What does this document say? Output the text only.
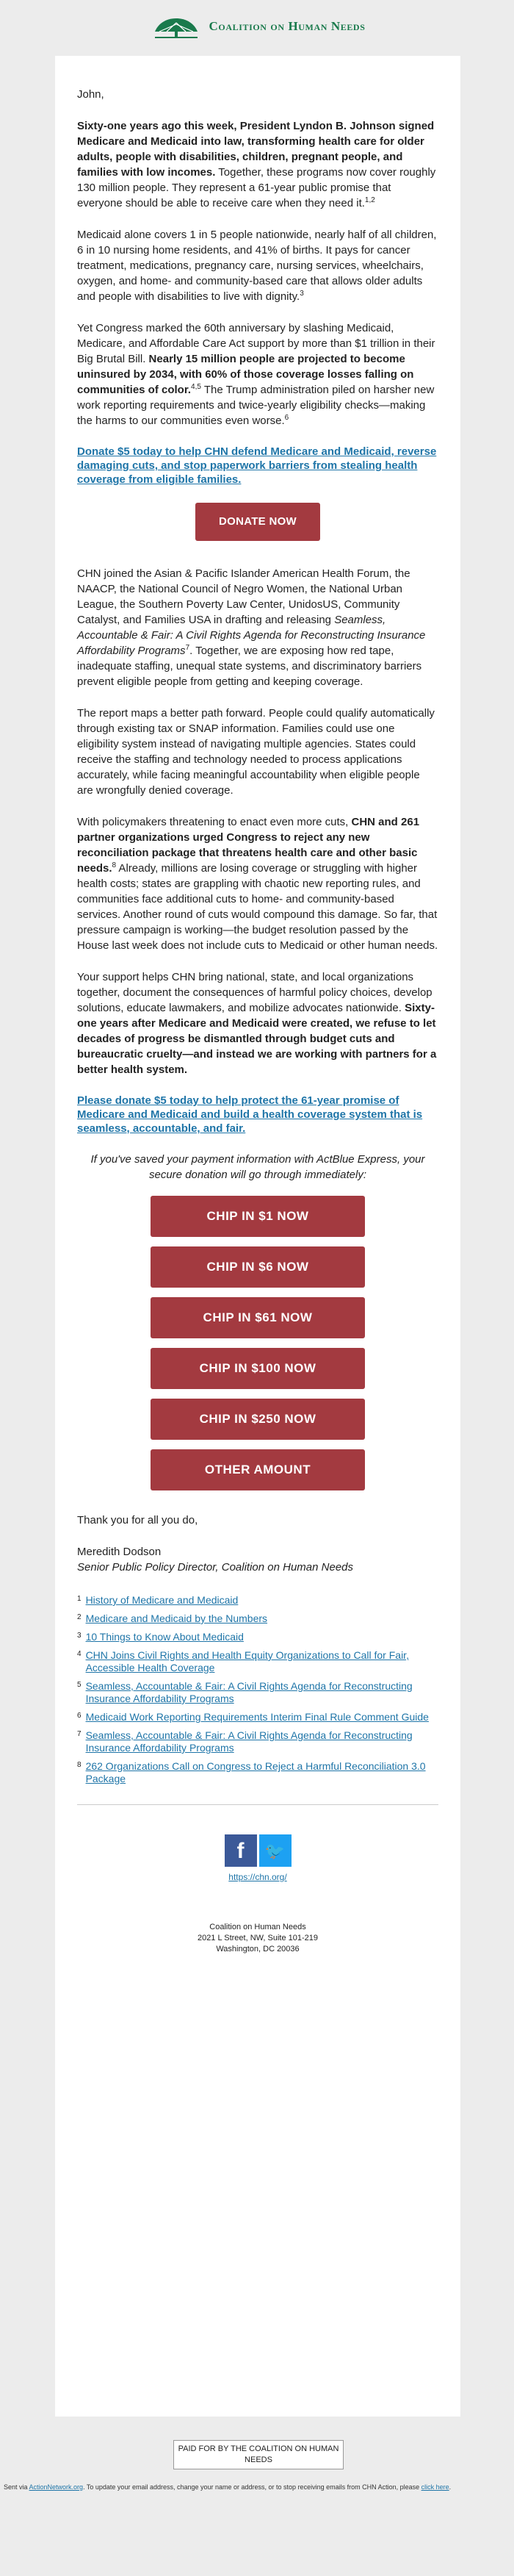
Coalition on Human Needs

John,

Sixty-one years ago this week, President Lyndon B. Johnson signed Medicare and Medicaid into law, transforming health care for older adults, people with disabilities, children, pregnant people, and families with low incomes. Together, these programs now cover roughly 130 million people. They represent a 61-year public promise that everyone should be able to receive care when they need it.$^{1,2}$

Medicaid alone covers 1 in 5 people nationwide, nearly half of all children, 6 in 10 nursing home residents, and 41% of births. It pays for cancer treatment, medications, pregnancy care, nursing services, wheelchairs, oxygen, and home- and community-based care that allows older adults and people with disabilities to live with dignity.$^3$

Yet Congress marked the 60th anniversary by slashing Medicaid, Medicare, and Affordable Care Act support by more than $1 trillion in their Big Brutal Bill. Nearly 15 million people are projected to become uninsured by 2034, with 60% of those coverage losses falling on communities of color.$^{4,5}$ The Trump administration piled on harsher new work reporting requirements and twice-yearly eligibility checks—making the harms to our communities even worse.$^6$

Donate $5 today to help CHN defend Medicare and Medicaid, reverse damaging cuts, and stop paperwork barriers from stealing health coverage from eligible families.
DONATE NOW

CHN joined the Asian & Pacific Islander American Health Forum, the NAACP, the National Council of Negro Women, the National Urban League, the Southern Poverty Law Center, UnidosUS, Community Catalyst, and Families USA in drafting and releasing Seamless, Accountable & Fair: A Civil Rights Agenda for Reconstructing Insurance Affordability Programs$^7$. Together, we are exposing how red tape, inadequate staffing, unequal state systems, and discriminatory barriers prevent eligible people from getting and keeping coverage.

The report maps a better path forward. People could qualify automatically through existing tax or SNAP information. Families could use one eligibility system instead of navigating multiple agencies. States could receive the staffing and technology needed to process applications accurately, while facing meaningful accountability when eligible people are wrongfully denied coverage.

With policymakers threatening to enact even more cuts, CHN and 261 partner organizations urged Congress to reject any new reconciliation package that threatens health care and other basic needs.$^8$ Already, millions are losing coverage or struggling with higher health costs; states are grappling with chaotic new reporting rules, and communities face additional cuts to home- and community-based services. Another round of cuts would compound this damage. So far, that pressure campaign is working—the budget resolution passed by the House last week does not include cuts to Medicaid or other human needs.

Your support helps CHN bring national, state, and local organizations together, document the consequences of harmful policy choices, develop solutions, educate lawmakers, and mobilize advocates nationwide. Sixty-one years after Medicare and Medicaid were created, we refuse to let decades of progress be dismantled through budget cuts and bureaucratic cruelty—and instead we are working with partners for a better health system.

Please donate $5 today to help protect the 61-year promise of Medicare and Medicaid and build a health coverage system that is seamless, accountable, and fair.
If you've saved your payment information with ActBlue Express, your secure donation will go through immediately:
CHIP IN $1 NOW
CHIP IN $6 NOW
CHIP IN $61 NOW
CHIP IN $100 NOW
CHIP IN $250 NOW
OTHER AMOUNT

Thank you for all you do,

Meredith Dodson
Senior Public Policy Director, Coalition on Human Needs
1 History of Medicare and Medicaid
2 Medicare and Medicaid by the Numbers
3 10 Things to Know About Medicaid
4 CHN Joins Civil Rights and Health Equity Organizations to Call for Fair, Accessible Health Coverage
5 Seamless, Accountable & Fair: A Civil Rights Agenda for Reconstructing Insurance Affordability Programs
6 Medicaid Work Reporting Requirements Interim Final Rule Comment Guide
7 Seamless, Accountable & Fair: A Civil Rights Agenda for Reconstructing Insurance Affordability Programs
8 262 Organizations Call on Congress to Reject a Harmful Reconciliation 3.0 Package
f	🐦
https://chn.org/
Coalition on Human Needs
2021 L Street, NW, Suite 101-219
Washington, DC 20036
PAID FOR BY THE COALITION ON HUMAN NEEDS
Sent via ActionNetwork.org. To update your email address, change your name or address, or to stop receiving emails from CHN Action, please click here.
